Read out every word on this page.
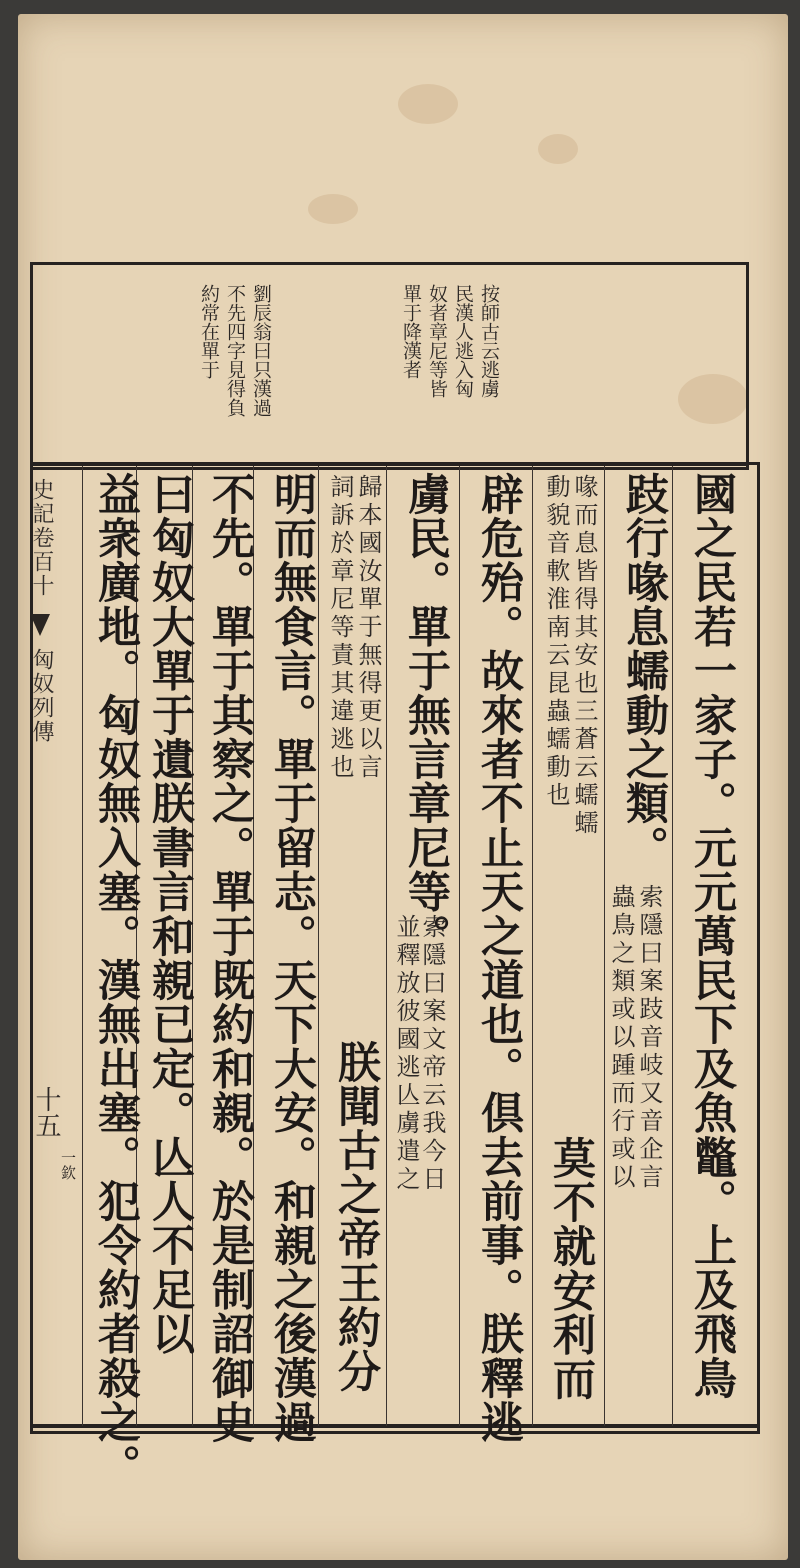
按師古云逃虜
民漢人逃入匈
奴者章尼等皆
單于降漢者
劉辰翁曰只漢過
不先四字見得負
約常在單于
國之民若一家子。元元萬民下及魚鼈。上及飛鳥
跂行喙息蠕動之類。
索隱曰案跂音岐又音企言
蟲鳥之類或以踵而行或以
喙而息皆得其安也三蒼云蠕蠕
動貌音軟淮南云昆蟲蠕動也
莫不就安利而
辟危殆。故來者不止天之道也。倶去前事。朕釋逃
虜民。單于無言章尼等。
索隱曰案文帝云我今日
並釋放彼國逃亾虜遣之
歸本國汝單于無得更以言
詞訴於章尼等責其違逃也
朕聞古之帝王約分
明而無食言。單于留志。天下大安。和親之後漢過
不先。單于其察之。單于既約和親。於是制詔御史
曰匈奴大單于遺朕書言和親已定。亾人不足以
益衆廣地。匈奴無入塞。漢無出塞。犯令約者殺之。
史記卷百十
匈奴列傳
十五
一欽
